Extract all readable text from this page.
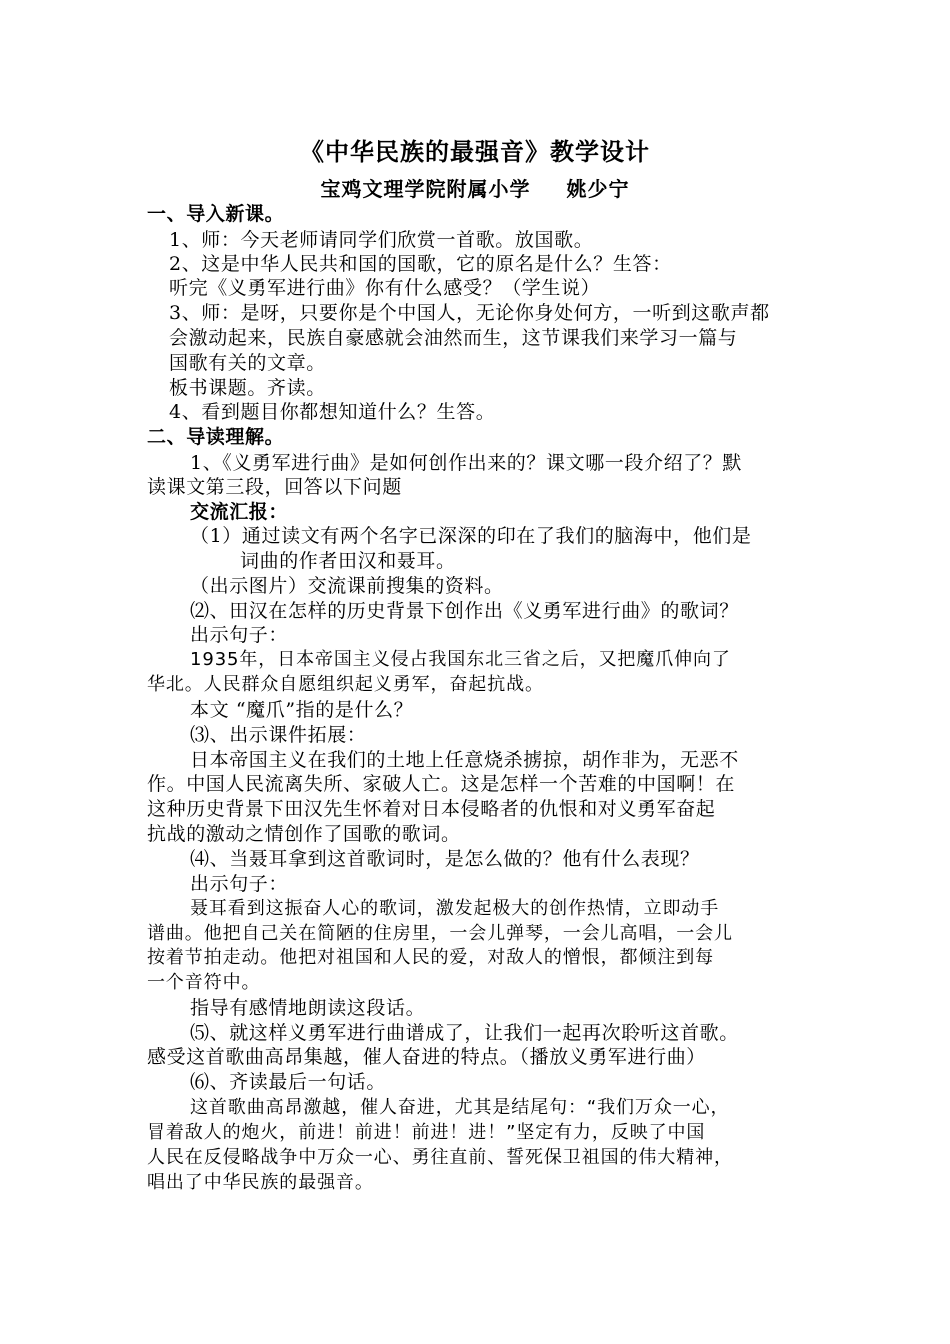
《中华民族的最强音》教学设计
宝鸡文理学院附属小学 姚少宁
一、导入新课。
1、师：今天老师请同学们欣赏一首歌。放国歌。
2、这是中华人民共和国的国歌，它的原名是什么？生答：
听完《义勇军进行曲》你有什么感受？（学生说）
3、师：是呀，只要你是个中国人，无论你身处何方，一听到这歌声都
会激动起来，民族自豪感就会油然而生，这节课我们来学习一篇与
国歌有关的文章。
板书课题。齐读。
4、看到题目你都想知道什么？生答。
二、导读理解。
1、《义勇军进行曲》是如何创作出来的？课文哪一段介绍了？默
读课文第三段，回答以下问题
交流汇报：
（1）通过读文有两个名字已深深的印在了我们的脑海中，他们是
词曲的作者田汉和聂耳。
（出示图片）交流课前搜集的资料。
⑵、田汉在怎样的历史背景下创作出《义勇军进行曲》的歌词？
出示句子：
1935年，日本帝国主义侵占我国东北三省之后，又把魔爪伸向了
华北。人民群众自愿组织起义勇军，奋起抗战。
本文 “魔爪”指的是什么？
⑶、出示课件拓展：
日本帝国主义在我们的土地上任意烧杀掳掠，胡作非为，无恶不
作。中国人民流离失所、家破人亡。这是怎样一个苦难的中国啊！在
这种历史背景下田汉先生怀着对日本侵略者的仇恨和对义勇军奋起
抗战的激动之情创作了国歌的歌词。
⑷、当聂耳拿到这首歌词时，是怎么做的？他有什么表现？
出示句子：
聂耳看到这振奋人心的歌词，激发起极大的创作热情，立即动手
谱曲。他把自己关在简陋的住房里，一会儿弹琴，一会儿高唱，一会儿
按着节拍走动。他把对祖国和人民的爱，对敌人的憎恨，都倾注到每
一个音符中。
指导有感情地朗读这段话。
⑸、就这样义勇军进行曲谱成了，让我们一起再次聆听这首歌。
感受这首歌曲高昂集越，催人奋进的特点。（播放义勇军进行曲）
⑹、齐读最后一句话。
这首歌曲高昂激越，催人奋进，尤其是结尾句：“我们万众一心，
冒着敌人的炮火，前进！前进！前进！进！”坚定有力，反映了中国
人民在反侵略战争中万众一心、勇往直前、誓死保卫祖国的伟大精神，
唱出了中华民族的最强音。
